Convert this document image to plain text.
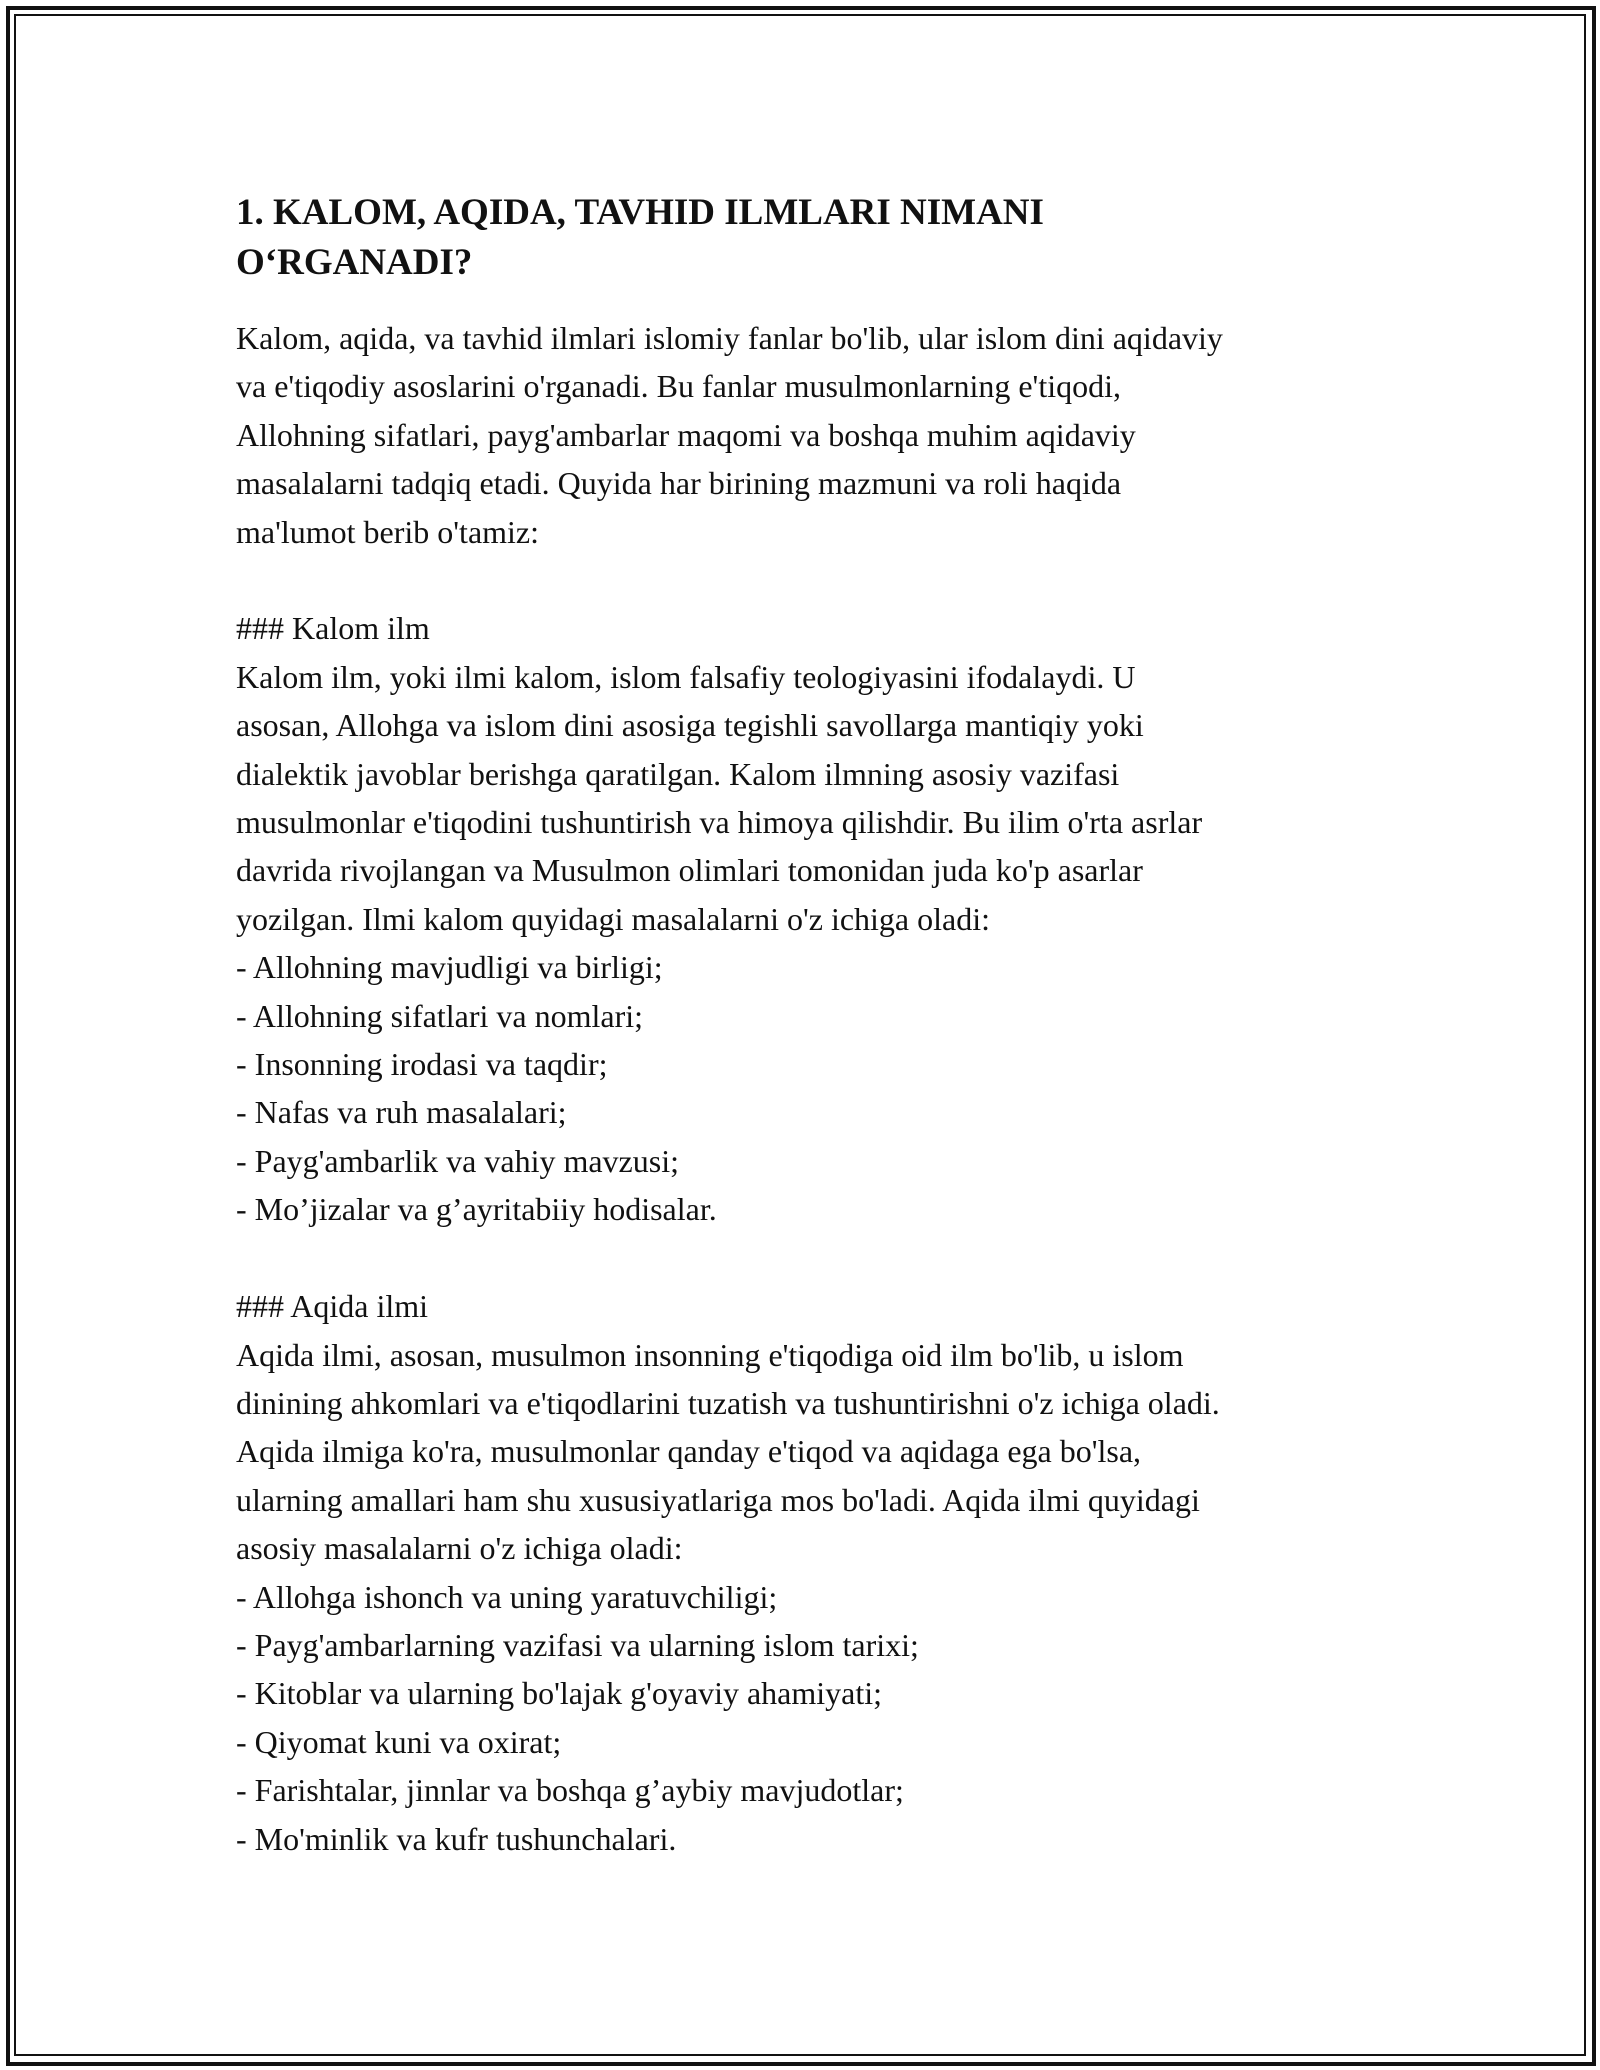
1. KALOM, AQIDA, TAVHID ILMLARI NIMANI
O‘RGANADI?
Kalom, aqida, va tavhid ilmlari islomiy fanlar bo'lib, ular islom dini aqidaviy
va e'tiqodiy asoslarini o'rganadi. Bu fanlar musulmonlarning e'tiqodi,
Allohning sifatlari, payg'ambarlar maqomi va boshqa muhim aqidaviy
masalalarni tadqiq etadi. Quyida har birining mazmuni va roli haqida
ma'lumot berib o'tamiz:
### Kalom ilm
Kalom ilm, yoki ilmi kalom, islom falsafiy teologiyasini ifodalaydi. U
asosan, Allohga va islom dini asosiga tegishli savollarga mantiqiy yoki
dialektik javoblar berishga qaratilgan. Kalom ilmning asosiy vazifasi
musulmonlar e'tiqodini tushuntirish va himoya qilishdir. Bu ilim o'rta asrlar
davrida rivojlangan va Musulmon olimlari tomonidan juda ko'p asarlar
yozilgan. Ilmi kalom quyidagi masalalarni o'z ichiga oladi:
- Allohning mavjudligi va birligi;
- Allohning sifatlari va nomlari;
- Insonning irodasi va taqdir;
- Nafas va ruh masalalari;
- Payg'ambarlik va vahiy mavzusi;
- Mo’jizalar va g’ayritabiiy hodisalar.
### Aqida ilmi
Aqida ilmi, asosan, musulmon insonning e'tiqodiga oid ilm bo'lib, u islom
dinining ahkomlari va e'tiqodlarini tuzatish va tushuntirishni o'z ichiga oladi.
Aqida ilmiga ko'ra, musulmonlar qanday e'tiqod va aqidaga ega bo'lsa,
ularning amallari ham shu xususiyatlariga mos bo'ladi. Aqida ilmi quyidagi
asosiy masalalarni o'z ichiga oladi:
- Allohga ishonch va uning yaratuvchiligi;
- Payg'ambarlarning vazifasi va ularning islom tarixi;
- Kitoblar va ularning bo'lajak g'oyaviy ahamiyati;
- Qiyomat kuni va oxirat;
- Farishtalar, jinnlar va boshqa g’aybiy mavjudotlar;
- Mo'minlik va kufr tushunchalari.
